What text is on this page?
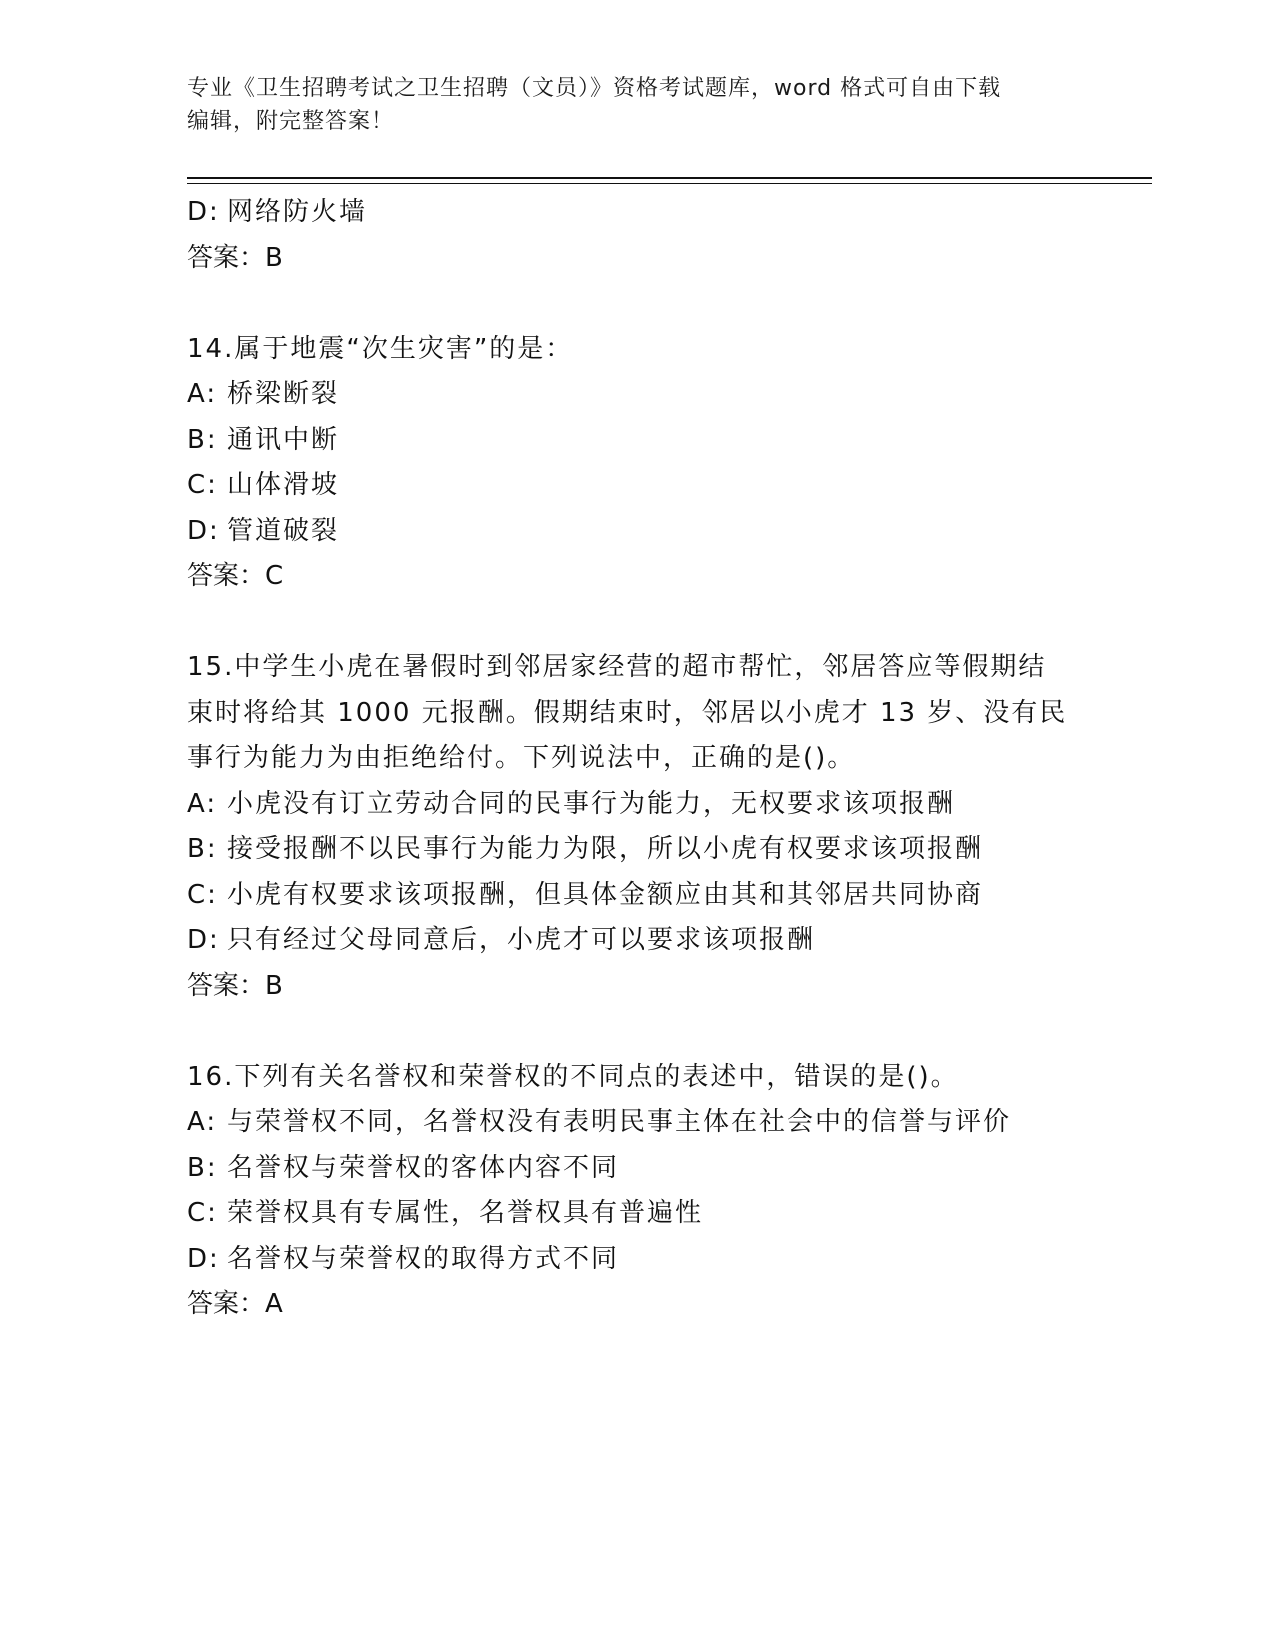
专业《卫生招聘考试之卫生招聘（文员）》资格考试题库，word 格式可自由下载
编辑，附完整答案！
D: 网络防火墙
答案：B
14.属于地震“次生灾害”的是：
A: 桥梁断裂
B: 通讯中断
C: 山体滑坡
D: 管道破裂
答案：C
15.中学生小虎在暑假时到邻居家经营的超市帮忙，邻居答应等假期结
束时将给其 1000 元报酬。假期结束时，邻居以小虎才 13 岁、没有民
事行为能力为由拒绝给付。下列说法中，正确的是()。
A: 小虎没有订立劳动合同的民事行为能力，无权要求该项报酬
B: 接受报酬不以民事行为能力为限，所以小虎有权要求该项报酬
C: 小虎有权要求该项报酬，但具体金额应由其和其邻居共同协商
D: 只有经过父母同意后，小虎才可以要求该项报酬
答案：B
16.下列有关名誉权和荣誉权的不同点的表述中，错误的是()。
A: 与荣誉权不同，名誉权没有表明民事主体在社会中的信誉与评价
B: 名誉权与荣誉权的客体内容不同
C: 荣誉权具有专属性，名誉权具有普遍性
D: 名誉权与荣誉权的取得方式不同
答案：A
